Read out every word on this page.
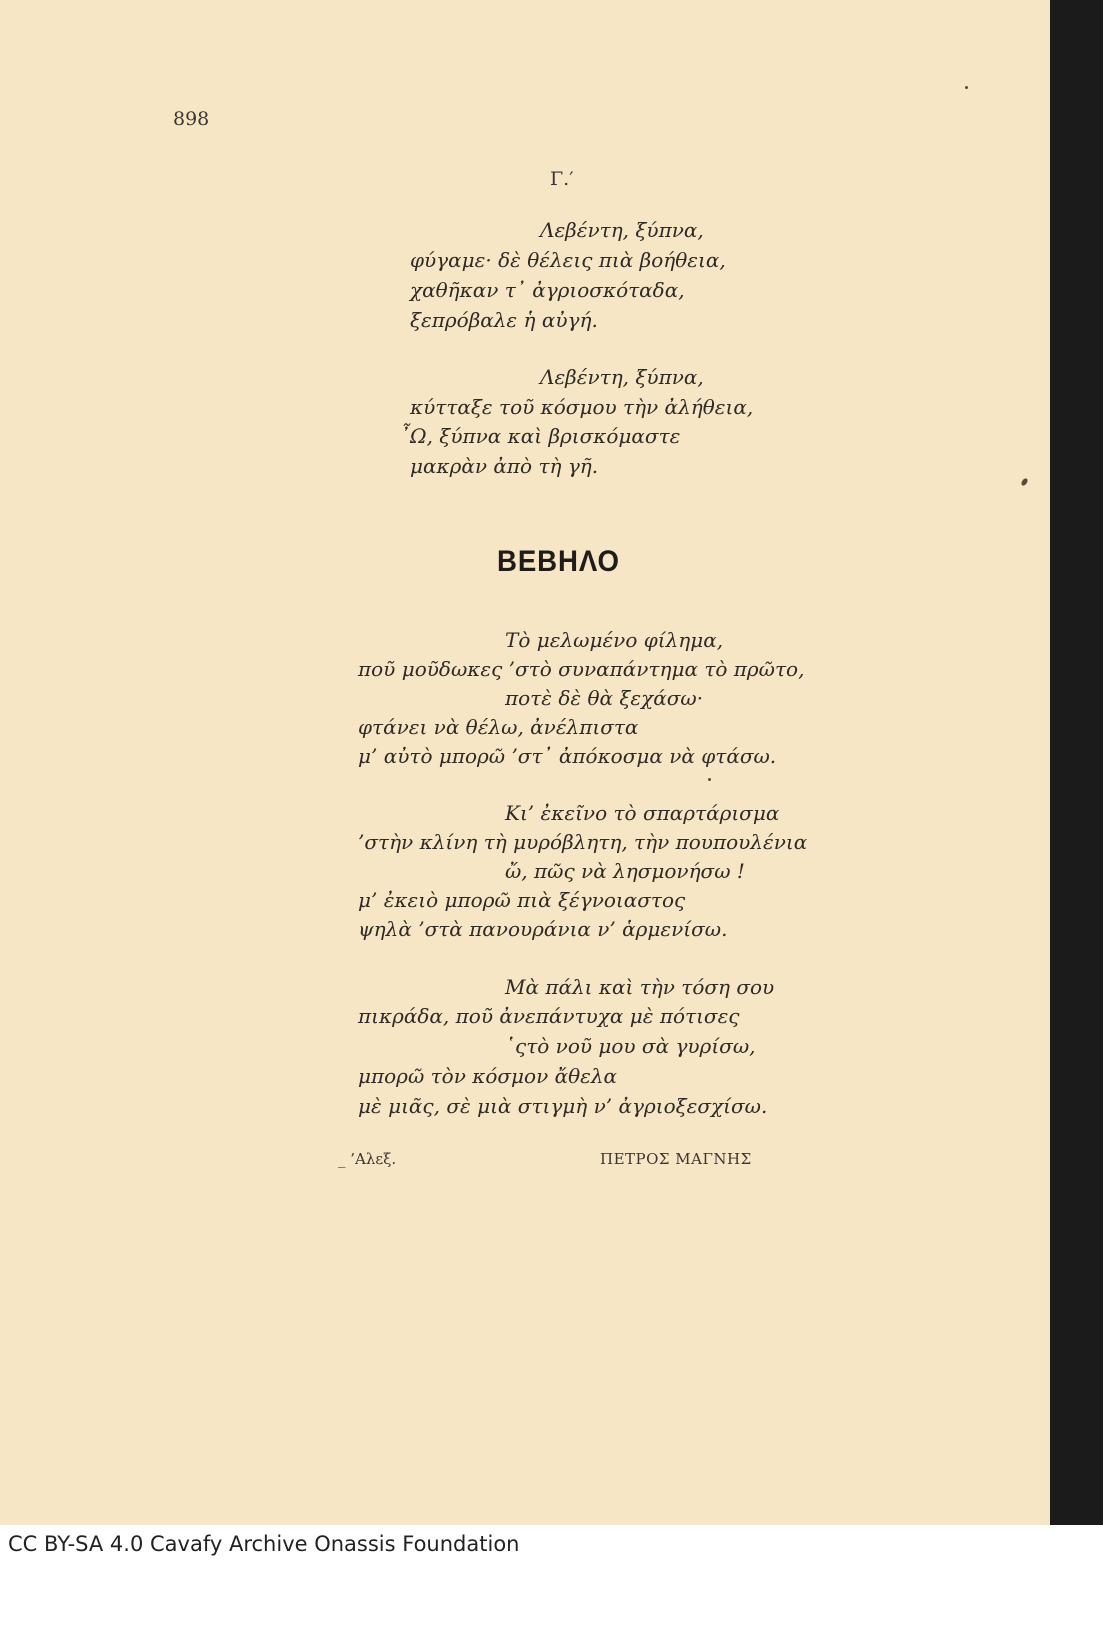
898
Γ.′
Λεβέντη, ξύπνα,
φύγαμε· δὲ θέλεις πιὰ βοήθεια,
χαθῆκαν τ᾽ ἀγριοσκόταδα,
ξεπρόβαλε ἡ αὐγή.
Λεβέντη, ξύπνα,
κύτταξε τοῦ κόσμου τὴν ἀλήθεια,
῏Ω, ξύπνα καὶ βρισκόμαστε
μακρὰν ἀπὸ τὴ γῆ.
ΒΕΒΗΛΟ
Τὸ μελωμένο φίλημα,
ποῦ μοῦδωκες ’στὸ συναπάντημα τὸ πρῶτο,
ποτὲ δὲ θὰ ξεχάσω·
φτάνει νὰ θέλω, ἀνέλπιστα
μ’ αὐτὸ μπορῶ ’στ᾿ ἀπόκοσμα νὰ φτάσω.
Κι’ ἐκεῖνο τὸ σπαρτάρισμα
’στὴν κλίνη τὴ μυρόβλητη, τὴν πουπουλένια
ὤ, πῶς νὰ λησμονήσω !
μ’ ἐκειὸ μπορῶ πιὰ ξέγνοιαστος
ψηλὰ ’στὰ πανουράνια ν’ ἁρμενίσω.
Μὰ πάλι καὶ τὴν τόση σου
πικράδα, ποῦ ἀνεπάντυχα μὲ πότισες
῾ςτὸ νοῦ μου σὰ γυρίσω,
μπορῶ τὸν κόσμον ἄθελα
μὲ μιᾶς, σὲ μιὰ στιγμὴ ν’ ἀγριοξεσχίσω.
_ ’Αλεξ.	ΠΕΤΡΟΣ ΜΑΓΝΗΣ
CC BY-SA 4.0 Cavafy Archive Onassis Foundation
